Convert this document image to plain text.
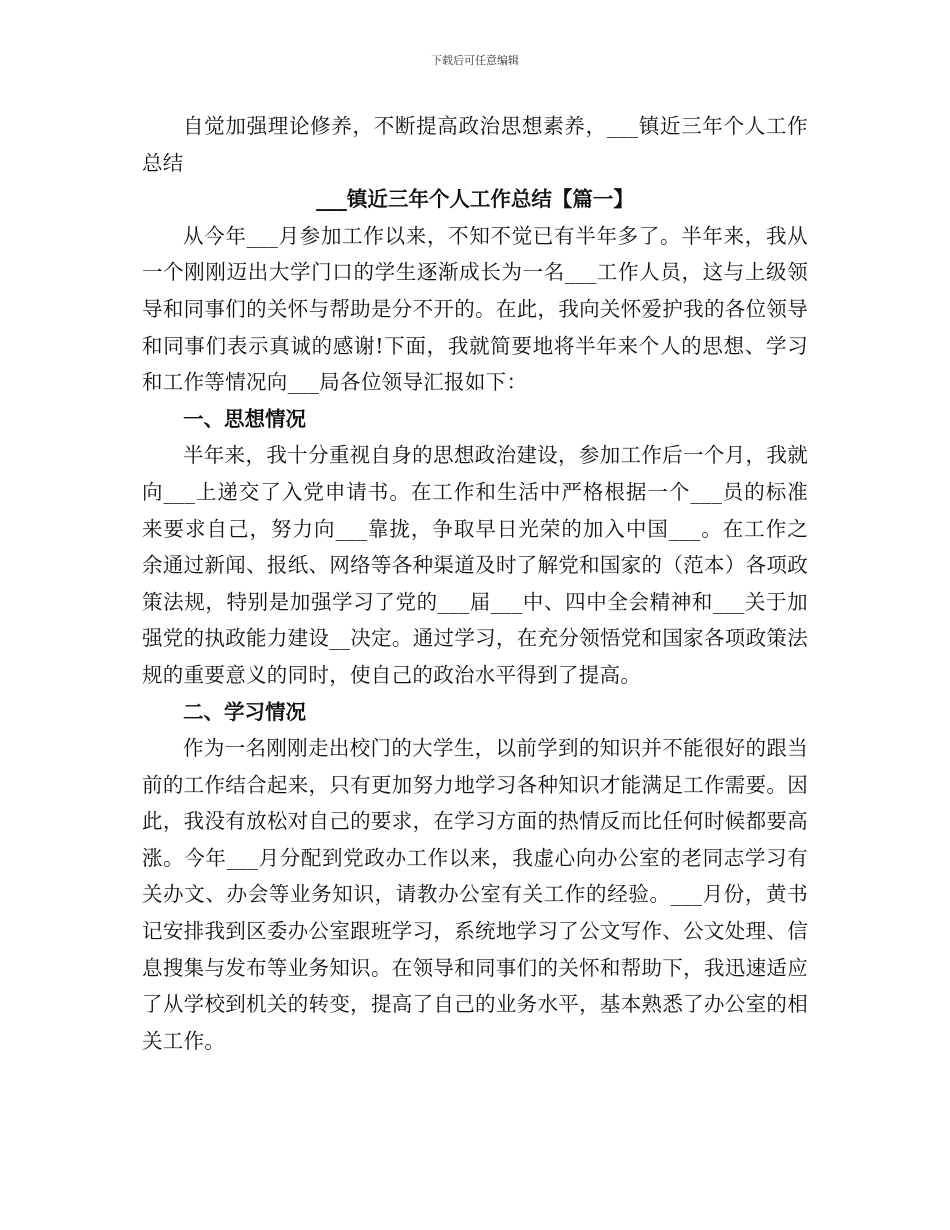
下载后可任意编辑

自觉加强理论修养，不断提高政治思想素养，___镇近三年个人工作总结

___镇近三年个人工作总结【篇一】

从今年___月参加工作以来，不知不觉已有半年多了。半年来，我从一个刚刚迈出大学门口的学生逐渐成长为一名___工作人员，这与上级领导和同事们的关怀与帮助是分不开的。在此，我向关怀爱护我的各位领导和同事们表示真诚的感谢!下面，我就简要地将半年来个人的思想、学习和工作等情况向___局各位领导汇报如下：

一、思想情况

半年来，我十分重视自身的思想政治建设，参加工作后一个月，我就向___上递交了入党申请书。在工作和生活中严格根据一个___员的标准来要求自己，努力向___靠拢，争取早日光荣的加入中国___。在工作之余通过新闻、报纸、网络等各种渠道及时了解党和国家的（范本）各项政策法规，特别是加强学习了党的___届___中、四中全会精神和___关于加强党的执政能力建设__决定。通过学习，在充分领悟党和国家各项政策法规的重要意义的同时，使自己的政治水平得到了提高。

二、学习情况

作为一名刚刚走出校门的大学生，以前学到的知识并不能很好的跟当前的工作结合起来，只有更加努力地学习各种知识才能满足工作需要。因此，我没有放松对自己的要求，在学习方面的热情反而比任何时候都要高涨。今年___月分配到党政办工作以来，我虚心向办公室的老同志学习有关办文、办会等业务知识，请教办公室有关工作的经验。___月份，黄书记安排我到区委办公室跟班学习，系统地学习了公文写作、公文处理、信息搜集与发布等业务知识。在领导和同事们的关怀和帮助下，我迅速适应了从学校到机关的转变，提高了自己的业务水平，基本熟悉了办公室的相关工作。
